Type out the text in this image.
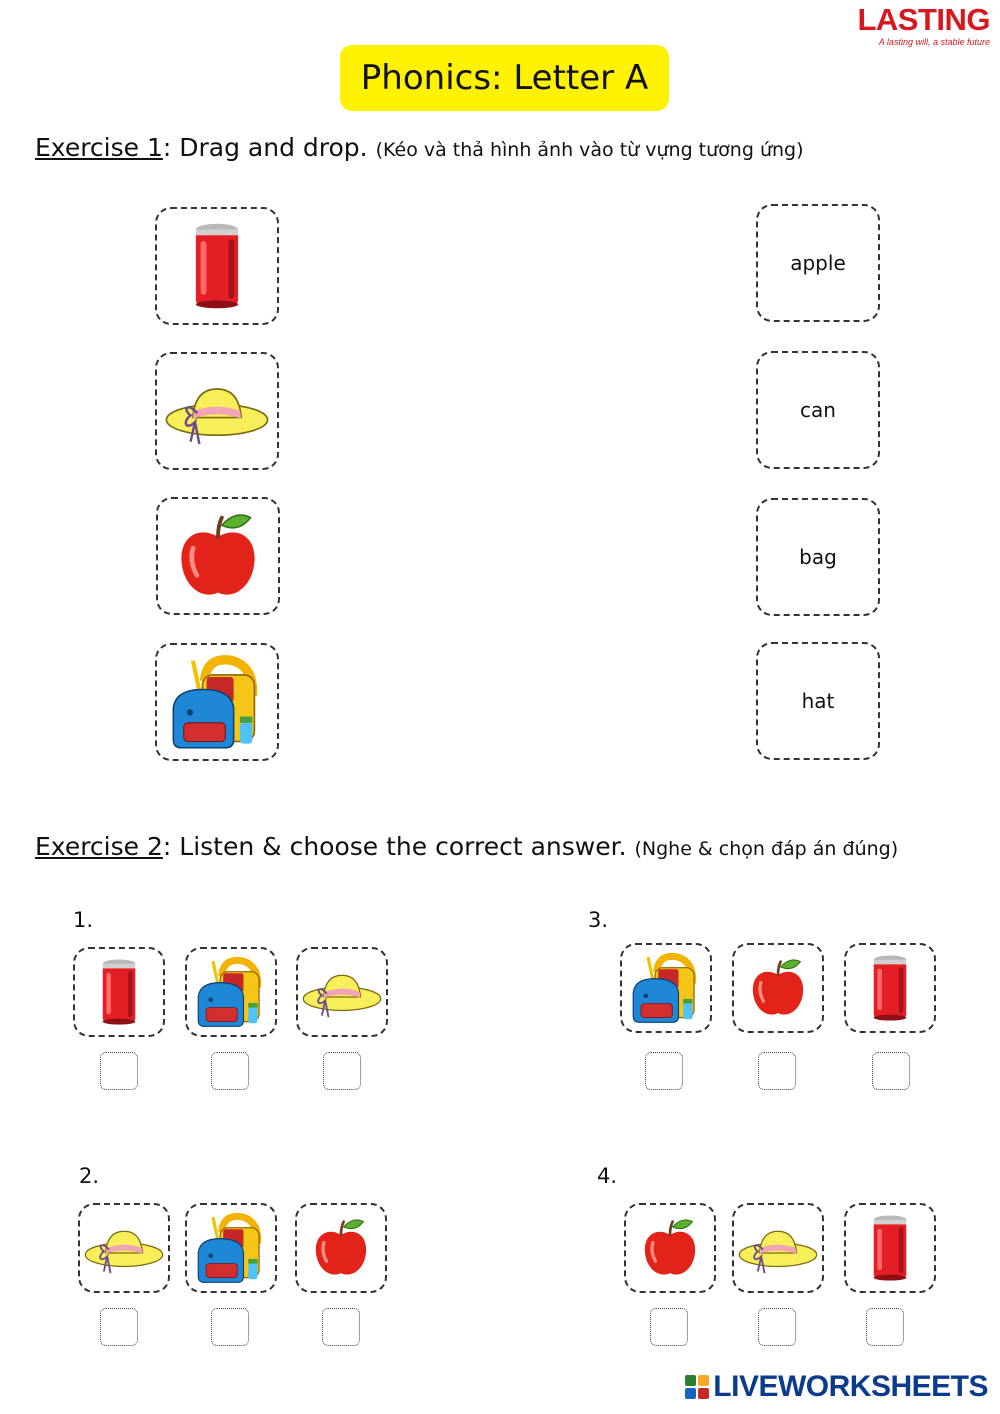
LASTING
A lasting will, a stable future
Phonics: Letter A
Exercise 1: Drag and drop. (Kéo và thả hình ảnh vào từ vựng tương ứng)
apple
can
bag
hat
Exercise 2: Listen & choose the correct answer. (Nghe & chọn đáp án đúng)
1.
2.
3.
4.
LIVEWORKSHEETS
